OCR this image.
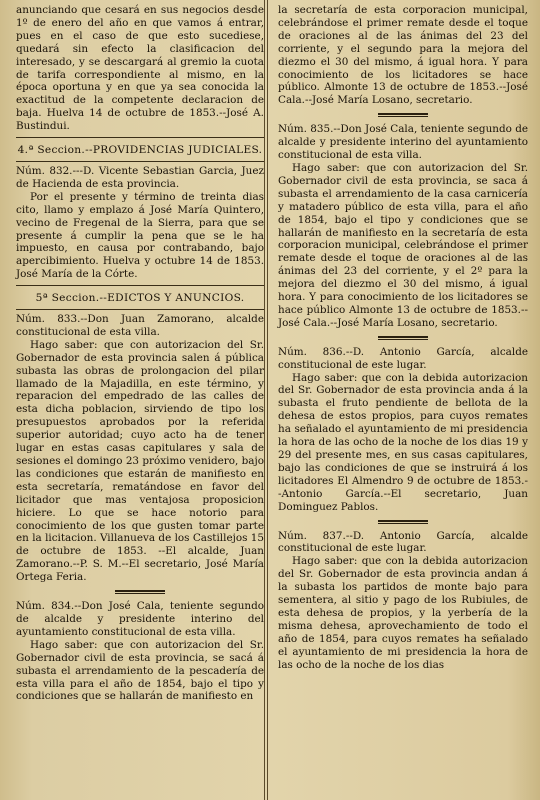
anunciando que cesará en sus negocios desde 1º de enero del año en que vamos á entrar, pues en el caso de que esto sucediese, quedará sin efecto la clasificacion del interesado, y se descargará al gremio la cuota de tarifa correspondiente al mismo, en la época oportuna y en que ya sea conocida la exactitud de la competente declaracion de baja. Huelva 14 de octubre de 1853.--José A. Bustindui.

4.ª Seccion.--PROVIDENCIAS JUDICIALES.

Núm. 832.---D. Vicente Sebastian Garcia, Juez de Hacienda de esta provincia.

Por el presente y término de treinta dias cito, llamo y emplazo á José María Quintero, vecino de Fregenal de la Sierra, para que se presente á cumplir la pena que se le ha impuesto, en causa por contrabando, bajo apercibimiento. Huelva y octubre 14 de 1853. José María de la Córte.

5ª Seccion.--EDICTOS Y ANUNCIOS.

Núm. 833.--Don Juan Zamorano, alcalde constitucional de esta villa.

Hago saber: que con autorizacion del Sr. Gobernador de esta provincia salen á pública subasta las obras de prolongacion del pilar llamado de la Majadilla, en este término, y reparacion del empedrado de las calles de esta dicha poblacion, sirviendo de tipo los presupuestos aprobados por la referida superior autoridad; cuyo acto ha de tener lugar en estas casas capitulares y sala de sesiones el domingo 23 próximo venidero, bajo las condiciones que estarán de manifiesto en esta secretaría, rematándose en favor del licitador que mas ventajosa proposicion hiciere. Lo que se hace notorio para conocimiento de los que gusten tomar parte en la licitacion. Villanueva de los Castillejos 15 de octubre de 1853. --El alcalde, Juan Zamorano.--P. S. M.--El secretario, José María Ortega Feria.

Núm. 834.--Don José Cala, teniente segundo de alcalde y presidente interino del ayuntamiento constitucional de esta villa.

Hago saber: que con autorizacion del Sr. Gobernador civil de esta provincia, se sacá á subasta el arrendamiento de la pescadería de esta villa para el año de 1854, bajo el tipo y condiciones que se hallarán de manifiesto en

la secretaría de esta corporacion municipal, celebrándose el primer remate desde el toque de oraciones al de las ánimas del 23 del corriente, y el segundo para la mejora del diezmo el 30 del mismo, á igual hora. Y para conocimiento de los licitadores se hace público. Almonte 13 de octubre de 1853.--José Cala.--José María Losano, secretario.

Núm. 835.--Don José Cala, teniente segundo de alcalde y presidente interino del ayuntamiento constitucional de esta villa.

Hago saber: que con autorizacion del Sr. Gobernador civil de esta provincia, se saca á subasta el arrendamiento de la casa carnicería y matadero público de esta villa, para el año de 1854, bajo el tipo y condiciones que se hallarán de manifiesto en la secretaría de esta corporacion municipal, celebrándose el primer remate desde el toque de oraciones al de las ánimas del 23 del corriente, y el 2º para la mejora del diezmo el 30 del mismo, á igual hora. Y para conocimiento de los licitadores se hace público Almonte 13 de octubre de 1853.--José Cala.--José María Losano, secretario.

Núm. 836.--D. Antonio García, alcalde constitucional de este lugar.

Hago saber: que con la debida autorizacion del Sr. Gobernador de esta provincia anda á la subasta el fruto pendiente de bellota de la dehesa de estos propios, para cuyos remates ha señalado el ayuntamiento de mi presidencia la hora de las ocho de la noche de los dias 19 y 29 del presente mes, en sus casas capitulares, bajo las condiciones de que se instruirá á los licitadores El Almendro 9 de octubre de 1853.--Antonio García.--El secretario, Juan Dominguez Pablos.

Núm. 837.--D. Antonio García, alcalde constitucional de este lugar.

Hago saber: que con la debida autorizacion del Sr. Gobernador de esta provincia andan á la subasta los partidos de monte bajo para sementera, al sitio y pago de los Rubiules, de esta dehesa de propios, y la yerbería de la misma dehesa, aprovechamiento de todo el año de 1854, para cuyos remates ha señalado el ayuntamiento de mi presidencia la hora de las ocho de la noche de los dias
